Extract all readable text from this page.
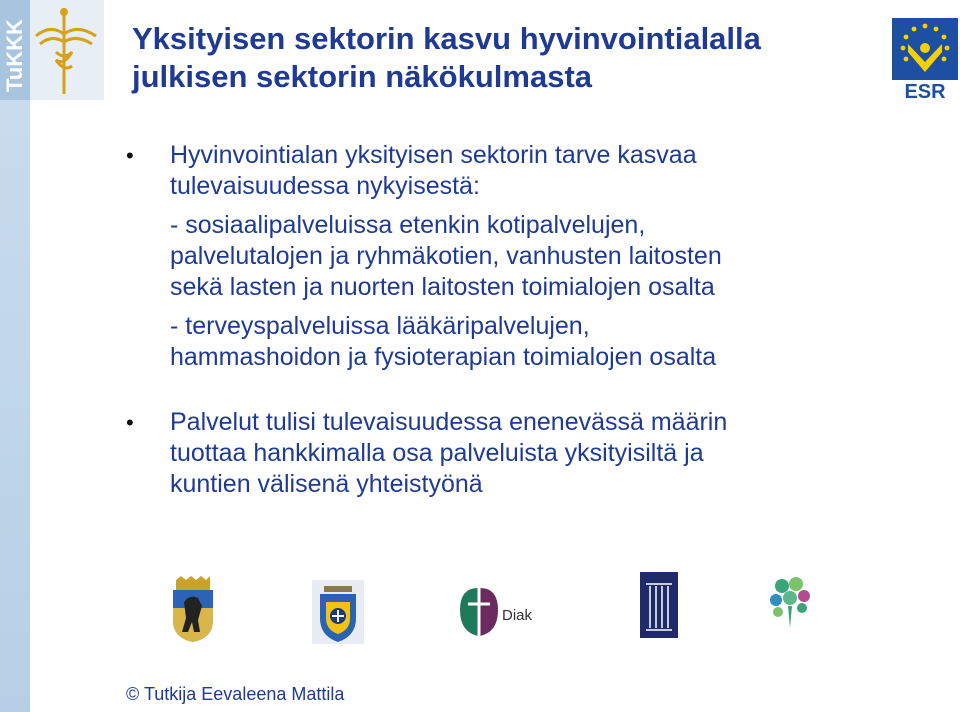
TuKKK	ESR
Yksityisen sektorin kasvu hyvinvointialalla
julkisen sektorin näkökulmasta
• Hyvinvointialan yksityisen sektorin tarve kasvaa
tulevaisuudessa nykyisestä:
- sosiaalipalveluissa etenkin kotipalvelujen,
palvelutalojen ja ryhmäkotien, vanhusten laitosten
sekä lasten ja nuorten laitosten toimialojen osalta
- terveyspalveluissa lääkäripalvelujen,
hammashoidon ja fysioterapian toimialojen osalta
• Palvelut tulisi tulevaisuudessa enenevässä määrin
tuottaa hankkimalla osa palveluista yksityisiltä ja
kuntien välisenä yhteistyönä
Diak
© Tutkija Eevaleena Mattila
